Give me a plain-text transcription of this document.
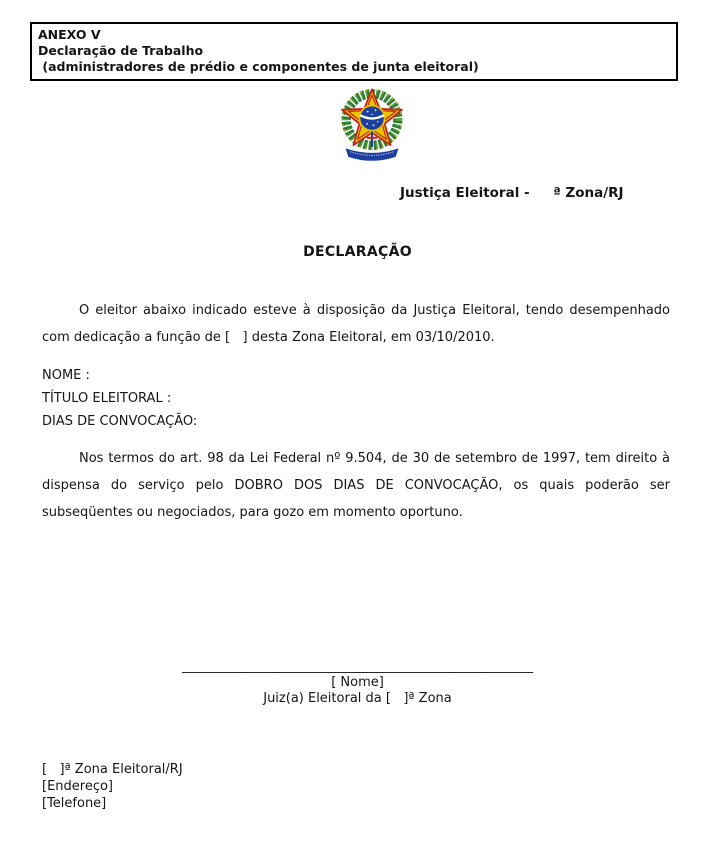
ANEXO V
Declaração de Trabalho
(administradores de prédio e componentes de junta eleitoral)
Justiça Eleitoral -     ª Zona/RJ
DECLARAÇÃO
O eleitor abaixo indicado esteve à disposição da Justiça Eleitoral, tendo desempenhado com dedicação a função de [   ] desta Zona Eleitoral, em 03/10/2010.
NOME :
TÍTULO ELEITORAL :
DIAS DE CONVOCAÇÃO:
Nos termos do art. 98 da Lei Federal nº 9.504, de 30 de setembro de 1997, tem direito à dispensa do serviço pelo DOBRO DOS DIAS DE CONVOCAÇÃO, os quais poderão ser subseqüentes ou negociados, para gozo em momento oportuno.
______________________________________________________
[ Nome]
Juiz(a) Eleitoral da [   ]ª Zona
[   ]ª Zona Eleitoral/RJ
[Endereço]
[Telefone]
